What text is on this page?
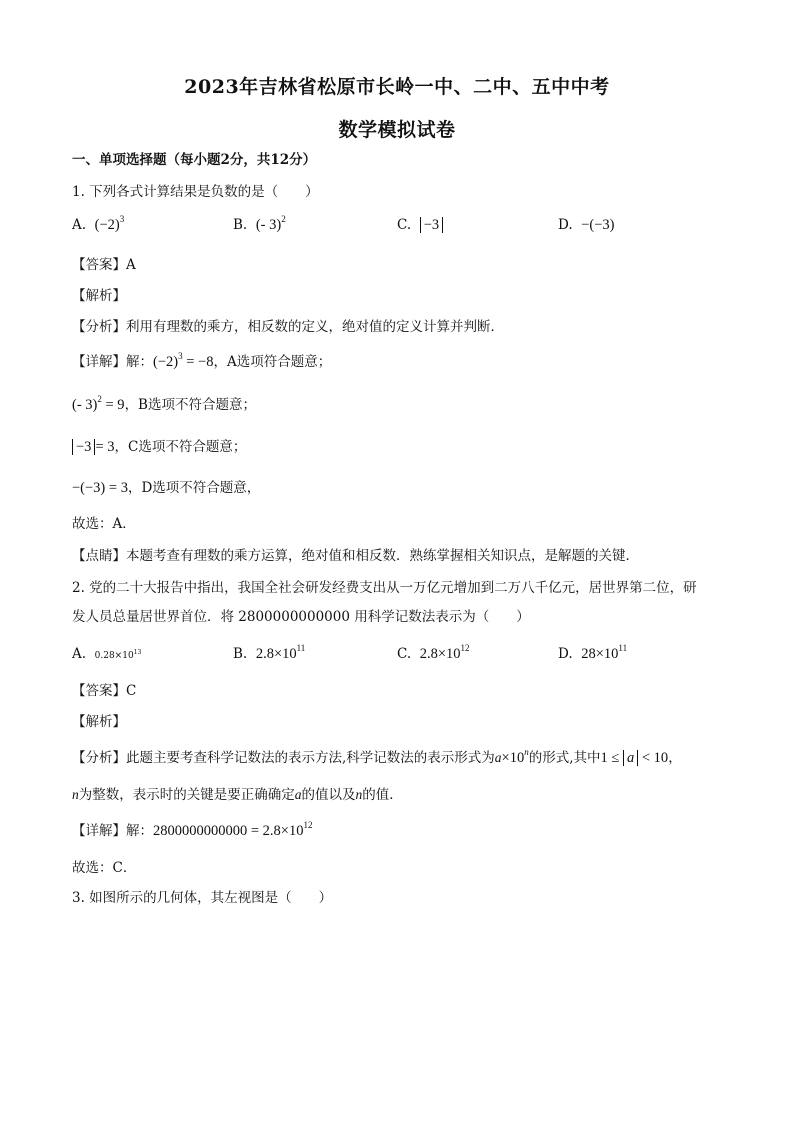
2023年吉林省松原市长岭一中、二中、五中中考
数学模拟试卷
一、单项选择题（每小题2分，共12分）
1. 下列各式计算结果是负数的是（　　）
A. $(-2)^3$	B. (- 3)$^2$	C. −3	D. −(−3)
【答案】A
【解析】
【分析】利用有理数的乘方，相反数的定义，绝对值的定义计算并判断．
【详解】解：$(-2)^3 = -8$，A选项符合题意；
(- 3)$^2$ = 9，B选项不符合题意；
−3 = 3，C选项不符合题意；
−(−3) = 3，D选项不符合题意，
故选：A．
【点睛】本题考查有理数的乘方运算，绝对值和相反数．熟练掌握相关知识点，是解题的关键．
2. 党的二十大报告中指出，我国全社会研发经费支出从一万亿元增加到二万八千亿元，居世界第二位，研
发人员总量居世界首位．将 2800000000000 用科学记数法表示为（　　）
A. $0.28\times 10^{13}$	B. $2.8\times 10^{11}$	C. $2.8\times 10^{12}$	D. $28\times 10^{11}$
【答案】C
【解析】
【分析】此题主要考查科学记数法的表示方法,科学记数法的表示形式为$a\times 10^n$的形式,其中1 ≤ a < 10，
n为整数，表示时的关键是要正确确定a的值以及n的值．
【详解】解：$2800000000000 = 2.8\times 10^{12}$
故选：C．
3. 如图所示的几何体，其左视图是（　　）
